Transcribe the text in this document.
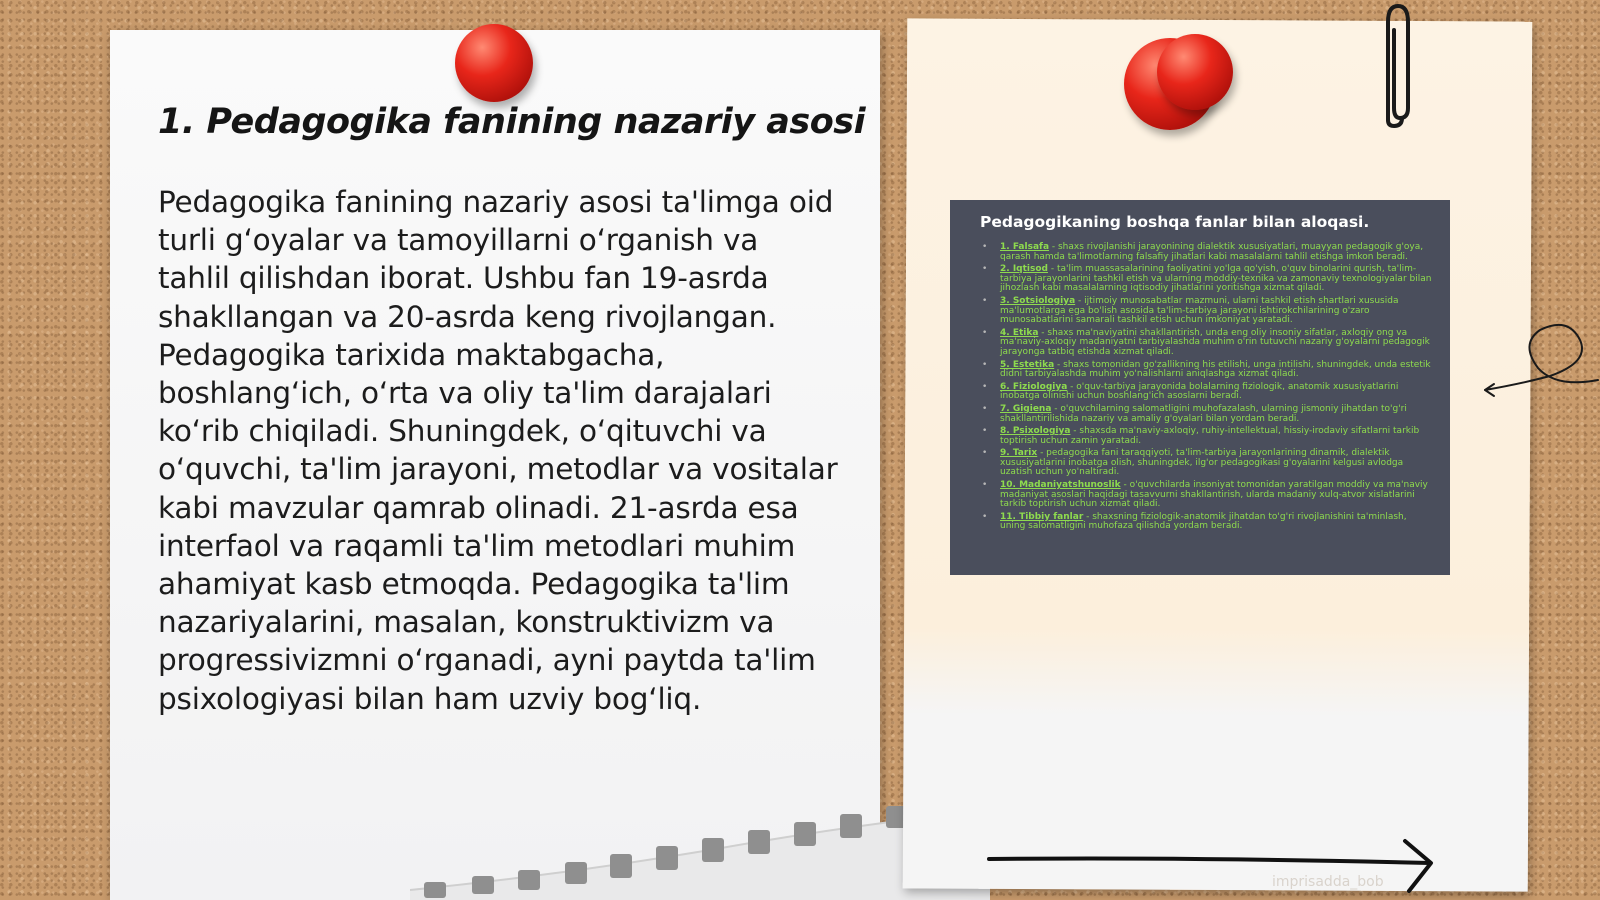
1. Pedagogika fanining nazariy asosi

Pedagogika fanining nazariy asosi ta'limga oid turli g‘oyalar va tamoyillarni o‘rganish va tahlil qilishdan iborat. Ushbu fan 19-asrda shakllangan va 20-asrda keng rivojlangan. Pedagogika tarixida maktabgacha, boshlang‘ich, o‘rta va oliy ta'lim darajalari ko‘rib chiqiladi. Shuningdek, o‘qituvchi va o‘quvchi, ta'lim jarayoni, metodlar va vositalar kabi mavzular qamrab olinadi. 21-asrda esa interfaol va raqamli ta'lim metodlari muhim ahamiyat kasb etmoqda. Pedagogika ta'lim nazariyalarini, masalan, konstruktivizm va progressivizmni o‘rganadi, ayni paytda ta'lim psixologiyasi bilan ham uzviy bog‘liq.

Pedagogikaning boshqa fanlar bilan aloqasi.
• 1. Falsafa - shaxs rivojlanishi jarayonining dialektik xususiyatlari, muayyan pedagogik g'oya, qarash hamda ta'limotlarning falsafiy jihatlari kabi masalalarni tahlil etishga imkon beradi.
• 2. Iqtisod - ta'lim muassasalarining faoliyatini yo'lga qo'yish, o'quv binolarini qurish, ta'lim-tarbiya jarayonlarini tashkil etish va ularning moddiy-texnika va zamonaviy texnologiyalar bilan jihozlash kabi masalalarning iqtisodiy jihatlarini yoritishga xizmat qiladi.
• 3. Sotsiologiya - ijtimoiy munosabatlar mazmuni, ularni tashkil etish shartlari xususida ma'lumotlarga ega bo'lish asosida ta'lim-tarbiya jarayoni ishtirokchilarining o'zaro munosabatlarini samarali tashkil etish uchun imkoniyat yaratadi.
• 4. Etika - shaxs ma'naviyatini shakllantirish, unda eng oliy insoniy sifatlar, axloqiy ong va ma'naviy-axloqiy madaniyatni tarbiyalashda muhim o'rin tutuvchi nazariy g'oyalarni pedagogik jarayonga tatbiq etishda xizmat qiladi.
• 5. Estetika - shaxs tomonidan go'zallikning his etilishi, unga intilishi, shuningdek, unda estetik didni tarbiyalashda muhim yo'nalishlarni aniqlashga xizmat qiladi.
• 6. Fiziologiya - o'quv-tarbiya jarayonida bolalarning fiziologik, anatomik xususiyatlarini inobatga olinishi uchun boshlang'ich asoslarni beradi.
• 7. Gigiena - o'quvchilarning salomatligini muhofazalash, ularning jismoniy jihatdan to'g'ri shakllantirilishida nazariy va amaliy g'oyalari bilan yordam beradi.
• 8. Psixologiya - shaxsda ma'naviy-axloqiy, ruhiy-intellektual, hissiy-irodaviy sifatlarni tarkib toptirish uchun zamin yaratadi.
• 9. Tarix - pedagogika fani taraqqiyoti, ta'lim-tarbiya jarayonlarining dinamik, dialektik xususiyatlarini inobatga olish, shuningdek, ilg'or pedagogikasi g'oyalarini kelgusi avlodga uzatish uchun yo'naltiradi.
• 10. Madaniyatshunoslik - o'quvchilarda insoniyat tomonidan yaratilgan moddiy va ma'naviy madaniyat asoslari haqidagi tasavvurni shakllantirish, ularda madaniy xulq-atvor xislatlarini tarkib toptirish uchun xizmat qiladi.
• 11. Tibbiy fanlar - shaxsning fiziologik-anatomik jihatdan to'g'ri rivojlanishini ta'minlash, uning salomatligini muhofaza qilishda yordam beradi.
imprisadda_bob
